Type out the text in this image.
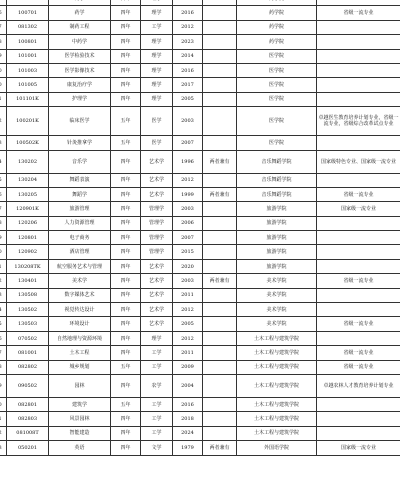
	100701	药学	四年	理学	2016		药学院	省级一流专业
	081302	制药工程	四年	工学	2012		药学院	
	100801	中药学	四年	理学	2023		药学院	
	101001	医学检验技术	四年	理学	2014		医学院	
	101003	医学影像技术	四年	理学	2016		医学院	
	101005	康复治疗学	四年	理学	2017		医学院	
	101101K	护理学	四年	理学	2005		医学院	
	100201K	临床医学	五年	医学	2003		医学院	卓越医生教育培养计划专业，省级一流专业，省级综合改革试点专业
	100502K	针灸推拿学	五年	医学	2007		医学院	
	130202	音乐学	四年	艺术学	1996	两者兼有	音乐舞蹈学院	国家级特色专业、国家级一流专业
	130204	舞蹈表演	四年	艺术学	2012		音乐舞蹈学院	
	130205	舞蹈学	四年	艺术学	1999	两者兼有	音乐舞蹈学院	省级一流专业
	120901K	旅游管理	四年	管理学	2003		旅游学院	国家级一流专业
	120206	人力资源管理	四年	管理学	2006		旅游学院	
	120801	电子商务	四年	管理学	2007		旅游学院	
	120902	酒店管理	四年	管理学	2015		旅游学院	
	130208TK	航空服务艺术与管理	四年	艺术学	2020		旅游学院	
	130401	美术学	四年	艺术学	2003	两者兼有	美术学院	省级一流专业
	130508	数字媒体艺术	四年	艺术学	2011		美术学院	
	130502	视觉传达设计	四年	艺术学	2012		美术学院	
	130503	环境设计	四年	艺术学	2005		美术学院	省级一流专业
	070502	自然地理与资源环境	四年	理学	2012		土木工程与建筑学院	
	081001	土木工程	四年	工学	2011		土木工程与建筑学院	省级一流专业
	082802	城乡规划	五年	工学	2009		土木工程与建筑学院	省级一流专业
	090502	园林	四年	农学	2004		土木工程与建筑学院	卓越农林人才教育培养计划专业
	082801	建筑学	五年	工学	2016		土木工程与建筑学院	
	082803	风景园林	四年	工学	2018		土木工程与建筑学院	
	081008T	智能建造	四年	工学	2024		土木工程与建筑学院	
	050201	英语	四年	文学	1979	两者兼有	外国语学院	国家级一流专业
